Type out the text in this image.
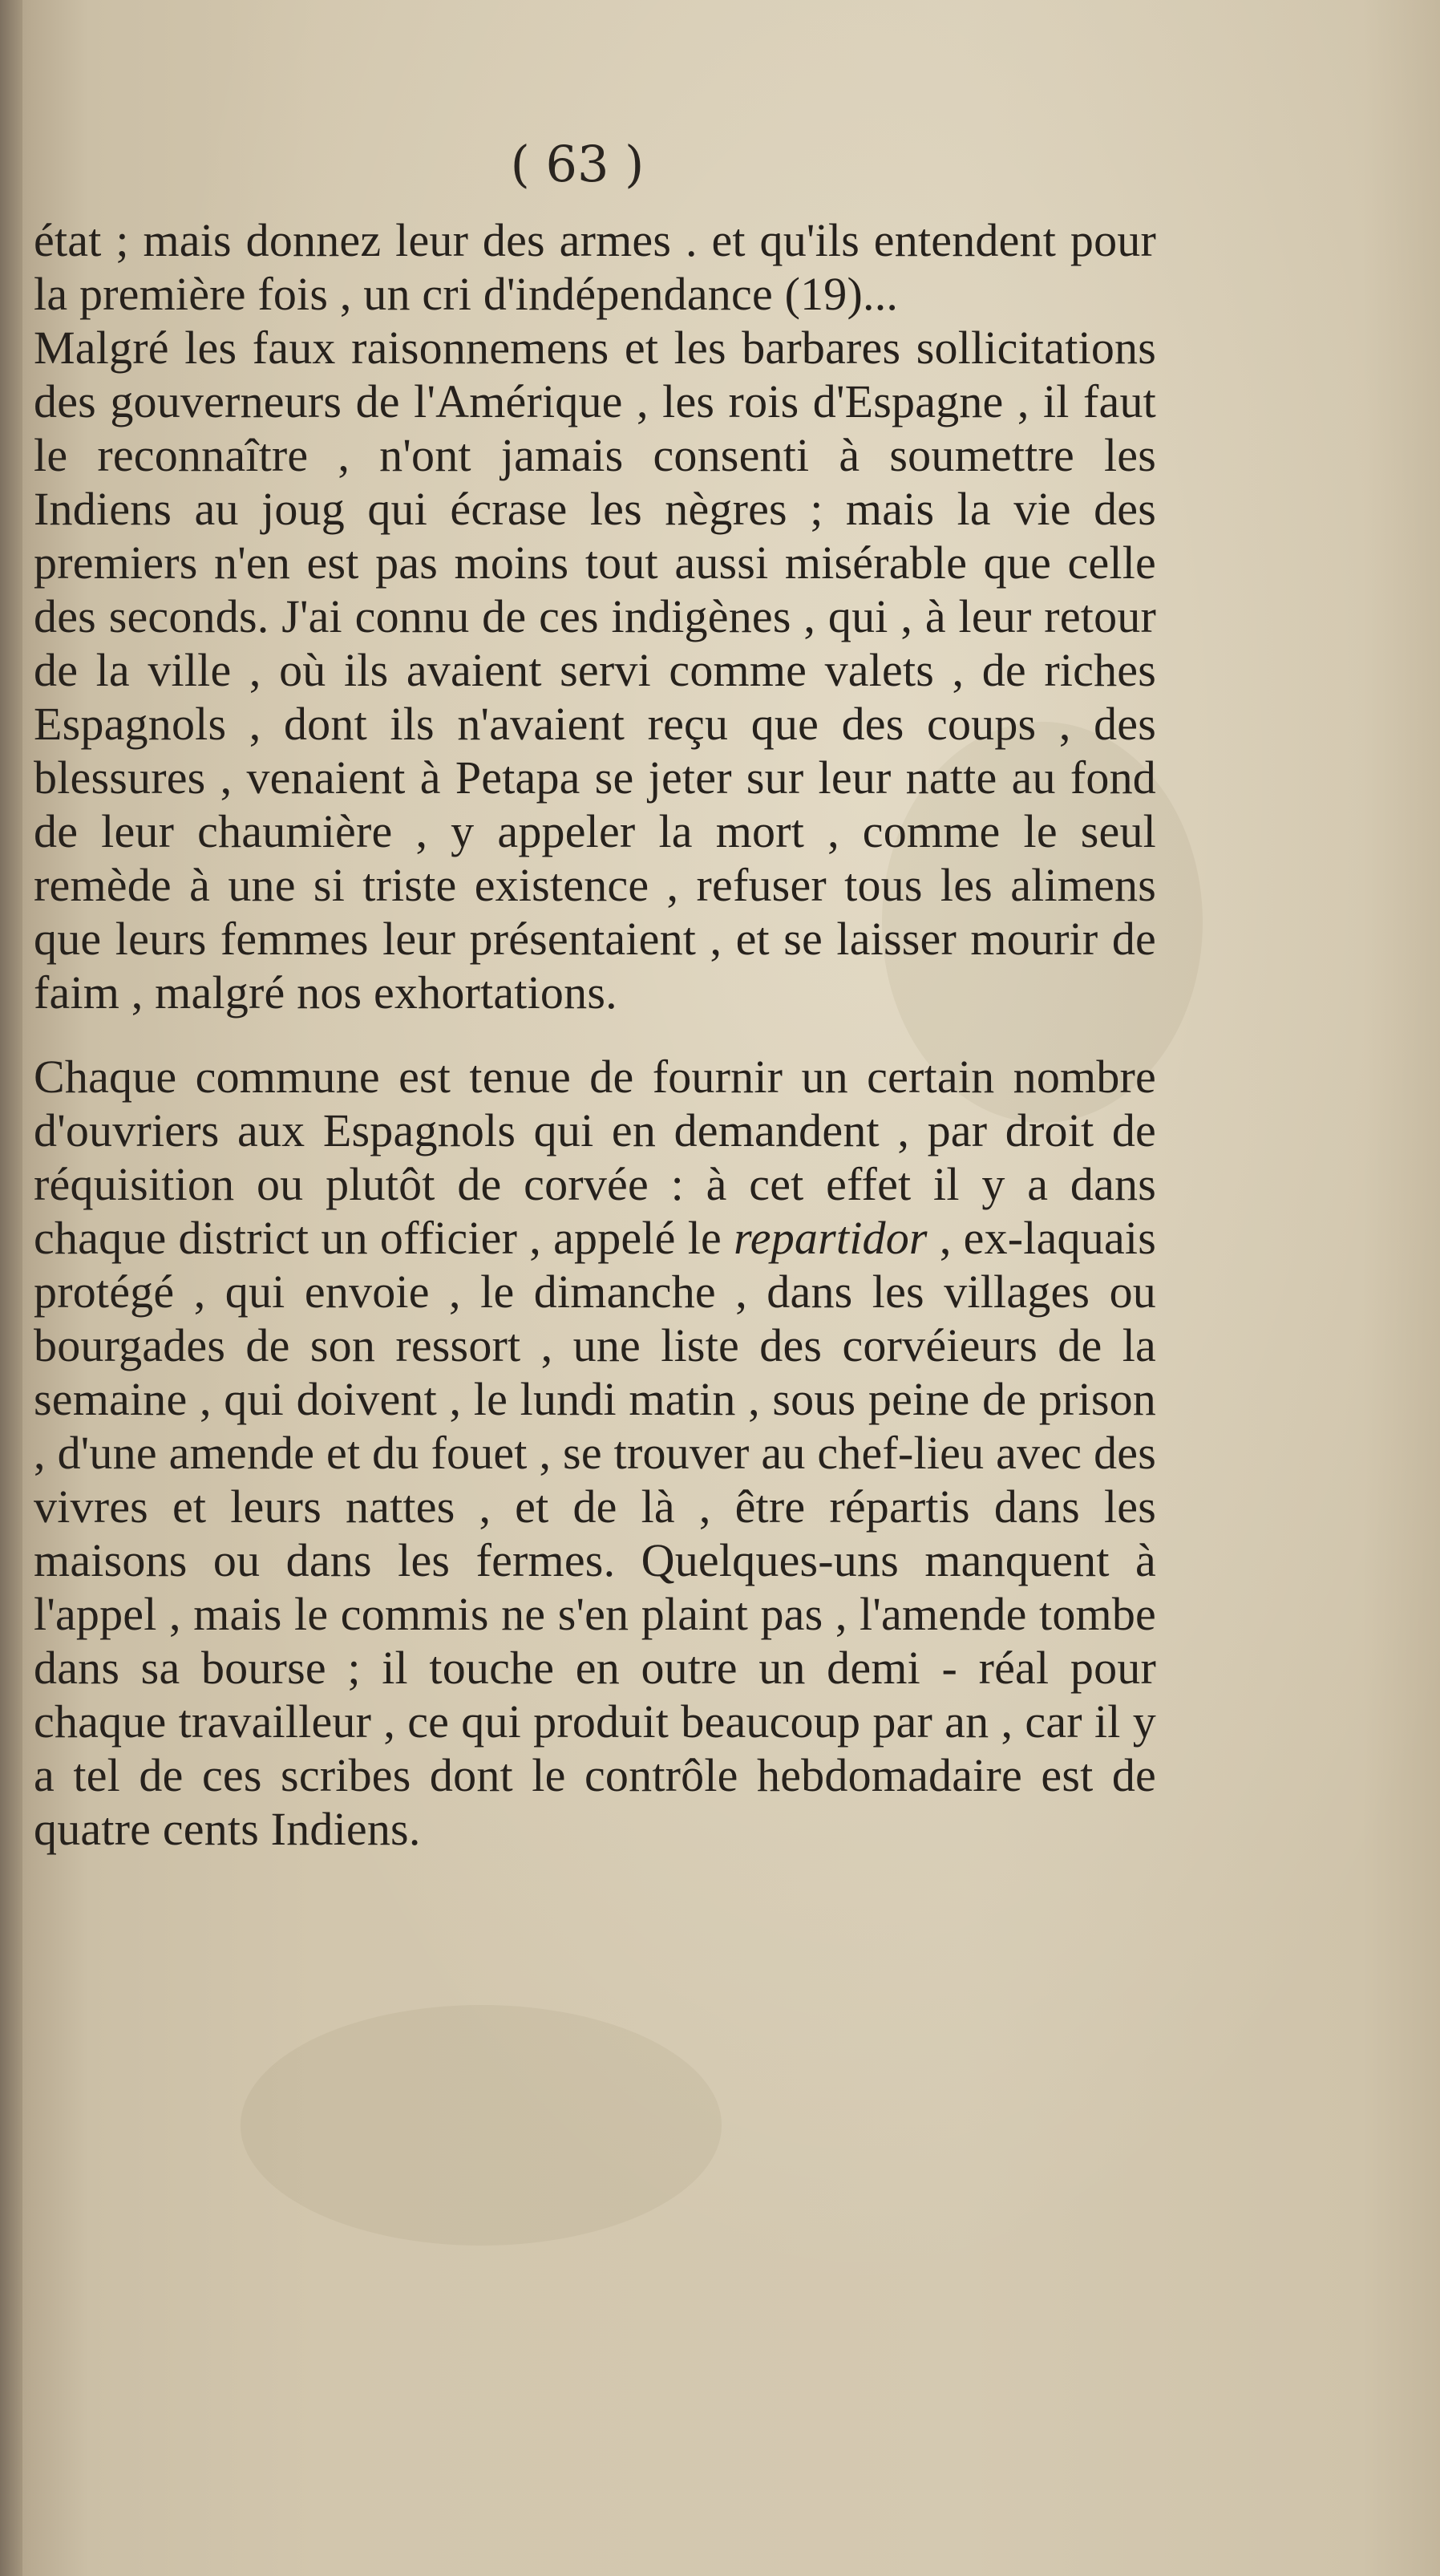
( 63 )

état ; mais donnez leur des armes . et qu'ils entendent pour la première fois , un cri d'indépendance (19)...

Malgré les faux raisonnemens et les barbares sollicitations des gouverneurs de l'Amérique , les rois d'Espagne , il faut le reconnaître , n'ont jamais consenti à soumettre les Indiens au joug qui écrase les nègres ; mais la vie des premiers n'en est pas moins tout aussi misérable que celle des seconds. J'ai connu de ces indigènes , qui , à leur retour de la ville , où ils avaient servi comme valets , de riches Espagnols , dont ils n'avaient reçu que des coups , des blessures , venaient à Petapa se jeter sur leur natte au fond de leur chaumière , y appeler la mort , comme le seul remède à une si triste existence , refuser tous les alimens que leurs femmes leur présentaient , et se laisser mourir de faim , malgré nos exhortations.

Chaque commune est tenue de fournir un certain nombre d'ouvriers aux Espagnols qui en demandent , par droit de réquisition ou plutôt de corvée : à cet effet il y a dans chaque district un officier , appelé le repartidor , ex-laquais protégé , qui envoie , le dimanche , dans les villages ou bourgades de son ressort , une liste des corvéieurs de la semaine , qui doivent , le lundi matin , sous peine de prison , d'une amende et du fouet , se trouver au chef-lieu avec des vivres et leurs nattes , et de là , être répartis dans les maisons ou dans les fermes. Quelques-uns manquent à l'appel , mais le commis ne s'en plaint pas , l'amende tombe dans sa bourse ; il touche en outre un demi - réal pour chaque travailleur , ce qui produit beaucoup par an , car il y a tel de ces scribes dont le contrôle hebdomadaire est de quatre cents Indiens.
